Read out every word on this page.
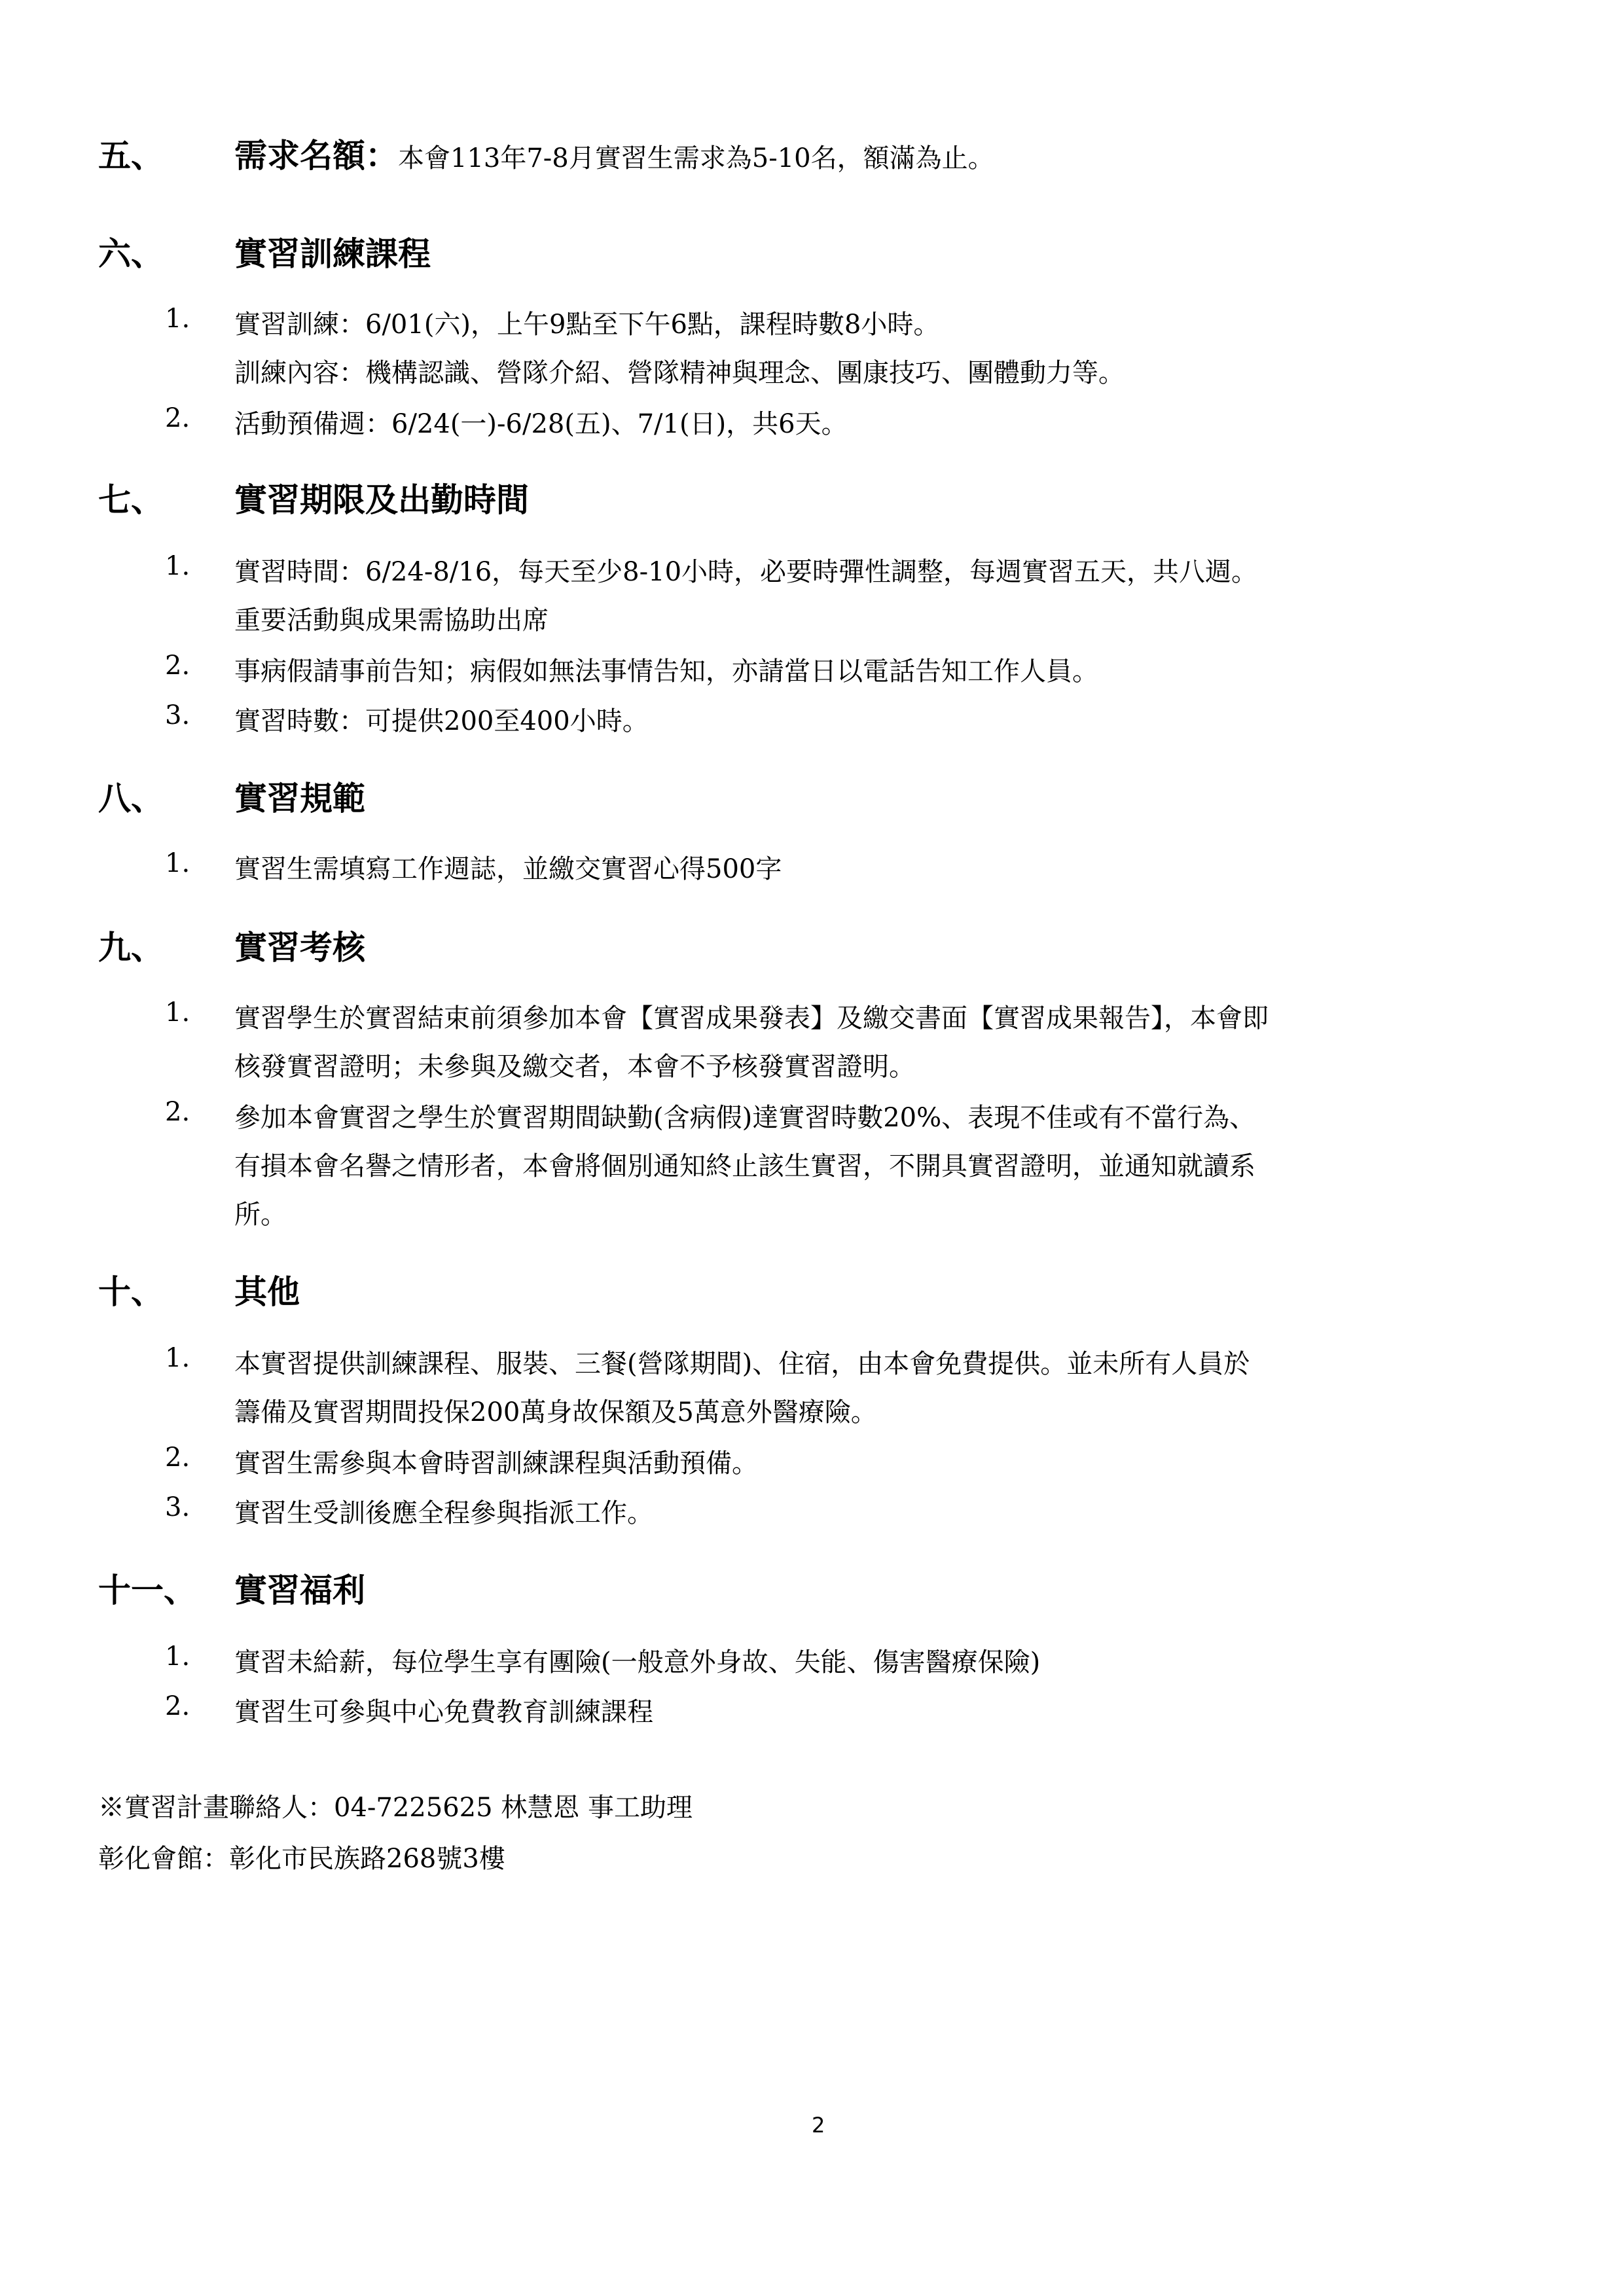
五、 需求名額：本會113年7-8月實習生需求為5-10名，額滿為止。
六、 實習訓練課程
1. 實習訓練：6/01(六)，上午9點至下午6點，課程時數8小時。
訓練內容：機構認識、營隊介紹、營隊精神與理念、團康技巧、團體動力等。
2. 活動預備週：6/24(一)-6/28(五)、7/1(日)，共6天。
七、 實習期限及出勤時間
1. 實習時間：6/24-8/16，每天至少8-10小時，必要時彈性調整，每週實習五天，共八週。
重要活動與成果需協助出席
2. 事病假請事前告知；病假如無法事情告知，亦請當日以電話告知工作人員。
3. 實習時數：可提供200至400小時。
八、 實習規範
1. 實習生需填寫工作週誌，並繳交實習心得500字
九、 實習考核
1. 實習學生於實習結束前須參加本會【實習成果發表】及繳交書面【實習成果報告】，本會即
核發實習證明；未參與及繳交者，本會不予核發實習證明。
2. 參加本會實習之學生於實習期間缺勤(含病假)達實習時數20%、表現不佳或有不當行為、
有損本會名譽之情形者，本會將個別通知終止該生實習，不開具實習證明，並通知就讀系
所。
十、 其他
1. 本實習提供訓練課程、服裝、三餐(營隊期間)、住宿，由本會免費提供。並未所有人員於
籌備及實習期間投保200萬身故保額及5萬意外醫療險。
2. 實習生需參與本會時習訓練課程與活動預備。
3. 實習生受訓後應全程參與指派工作。
十一、 實習福利
1. 實習未給薪，每位學生享有團險(一般意外身故、失能、傷害醫療保險)
2. 實習生可參與中心免費教育訓練課程
※實習計畫聯絡人：04-7225625 林慧恩 事工助理
彰化會館：彰化市民族路268號3樓
2
